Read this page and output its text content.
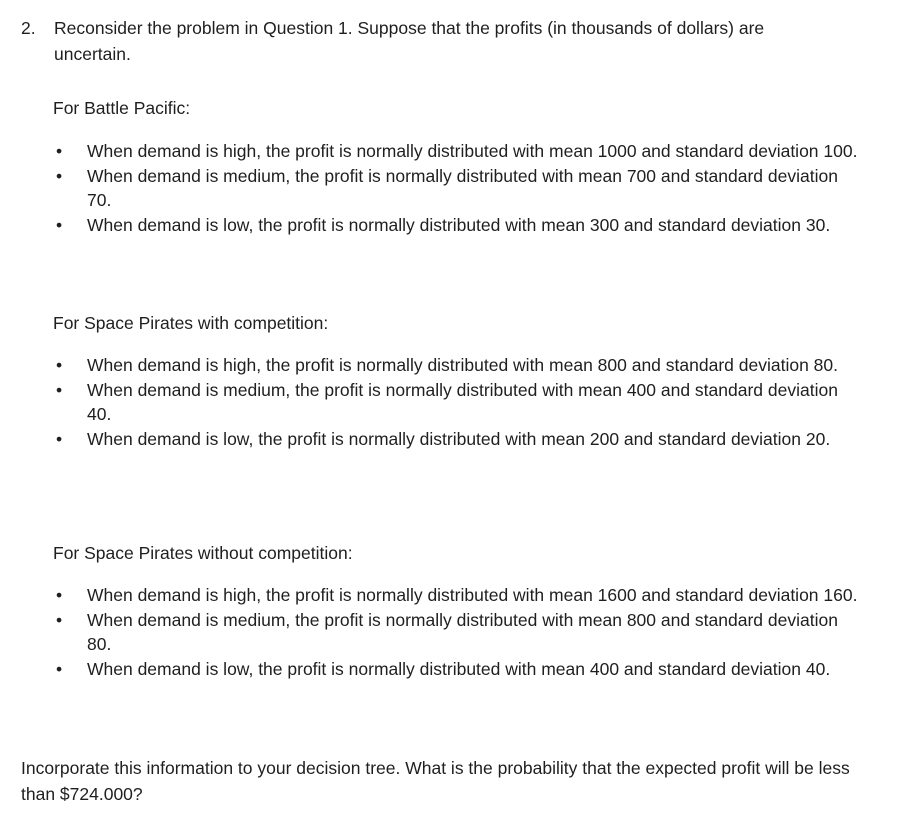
2. Reconsider the problem in Question 1. Suppose that the profits (in thousands of dollars) are uncertain.

For Battle Pacific:

• When demand is high, the profit is normally distributed with mean 1000 and standard deviation 100.
• When demand is medium, the profit is normally distributed with mean 700 and standard deviation 70.
• When demand is low, the profit is normally distributed with mean 300 and standard deviation 30.

For Space Pirates with competition:

• When demand is high, the profit is normally distributed with mean 800 and standard deviation 80.
• When demand is medium, the profit is normally distributed with mean 400 and standard deviation 40.
• When demand is low, the profit is normally distributed with mean 200 and standard deviation 20.

For Space Pirates without competition:

• When demand is high, the profit is normally distributed with mean 1600 and standard deviation 160.
• When demand is medium, the profit is normally distributed with mean 800 and standard deviation 80.
• When demand is low, the profit is normally distributed with mean 400 and standard deviation 40.
Incorporate this information to your decision tree. What is the probability that the expected profit will be less than $724.000?
